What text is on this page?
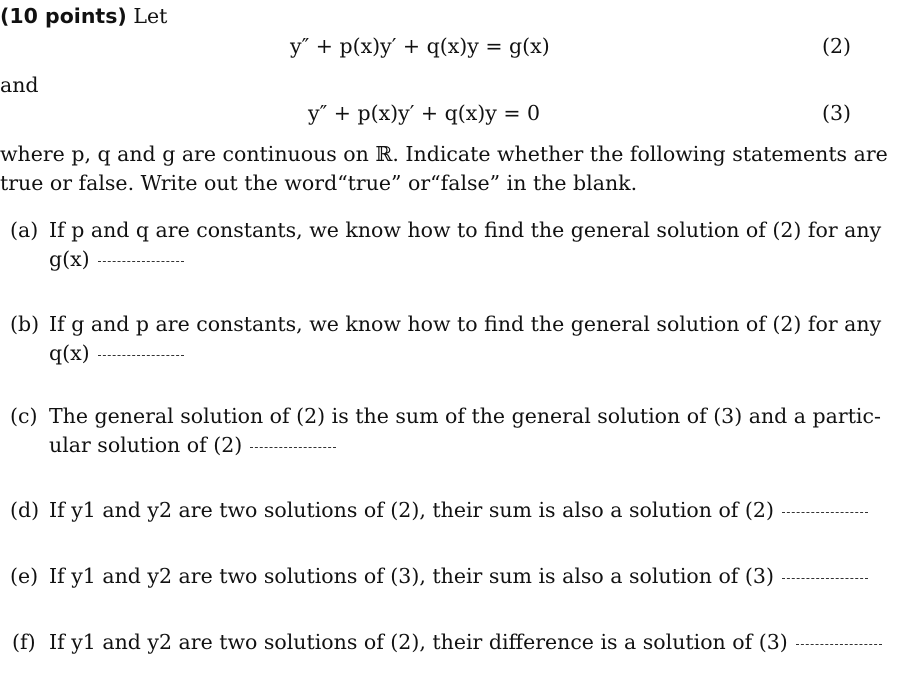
(10 points) Let
y″ + p(x)y′ + q(x)y = g(x)	(2)
and
y″ + p(x)y′ + q(x)y = 0	(3)
where p, q and g are continuous on ℝ. Indicate whether the following statements are
true or false. Write out the word“true” or“false” in the blank.
(a) If p and q are constants, we know how to find the general solution of (2) for any
g(x)
(b) If g and p are constants, we know how to find the general solution of (2) for any
q(x)
(c) The general solution of (2) is the sum of the general solution of (3) and a partic-
ular solution of (2)
(d) If y1 and y2 are two solutions of (2), their sum is also a solution of (2)
(e) If y1 and y2 are two solutions of (3), their sum is also a solution of (3)
(f) If y1 and y2 are two solutions of (2), their difference is a solution of (3)
